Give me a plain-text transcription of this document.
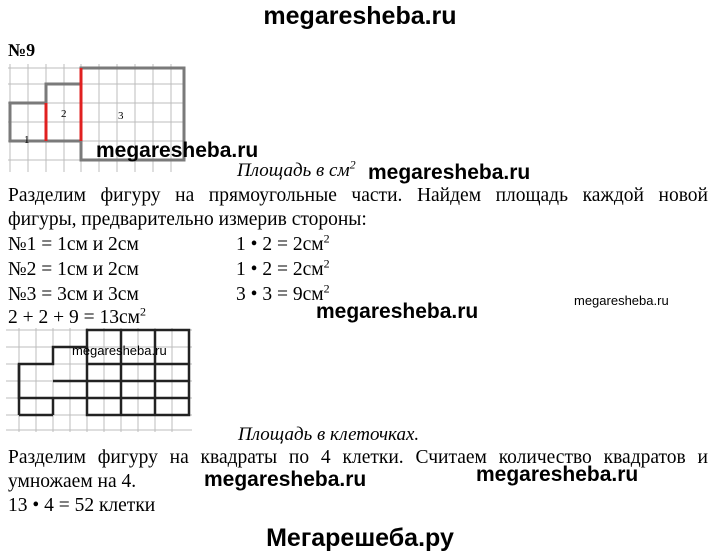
megaresheba.ru
№9
1
2	3
megaresheba.ru
Площадь в $см^2$ megaresheba.ru
Разделим фигуру на прямоугольные части. Найдем площадь каждой новой
фигуры, предварительно измерив стороны:
№1 = 1см и 2см	1 • $2 = 2см^2$
№2 = 1см и 2см	1 • $2 = 2см^2$
№3 = 3см и 3см	3 • $3 = 9см^2$
megaresheba.ru
$2 + 2 + 9 = 13см^2$	megaresheba.ru
megaresheba.ru
Площадь в клеточках.
Разделим фигуру на квадраты по 4 клетки. Считаем количество квадратов и
умножаем на 4.
13 • 4 = 52 клетки
megaresheba.ru	megaresheba.ru
Мегарешеба.ру
